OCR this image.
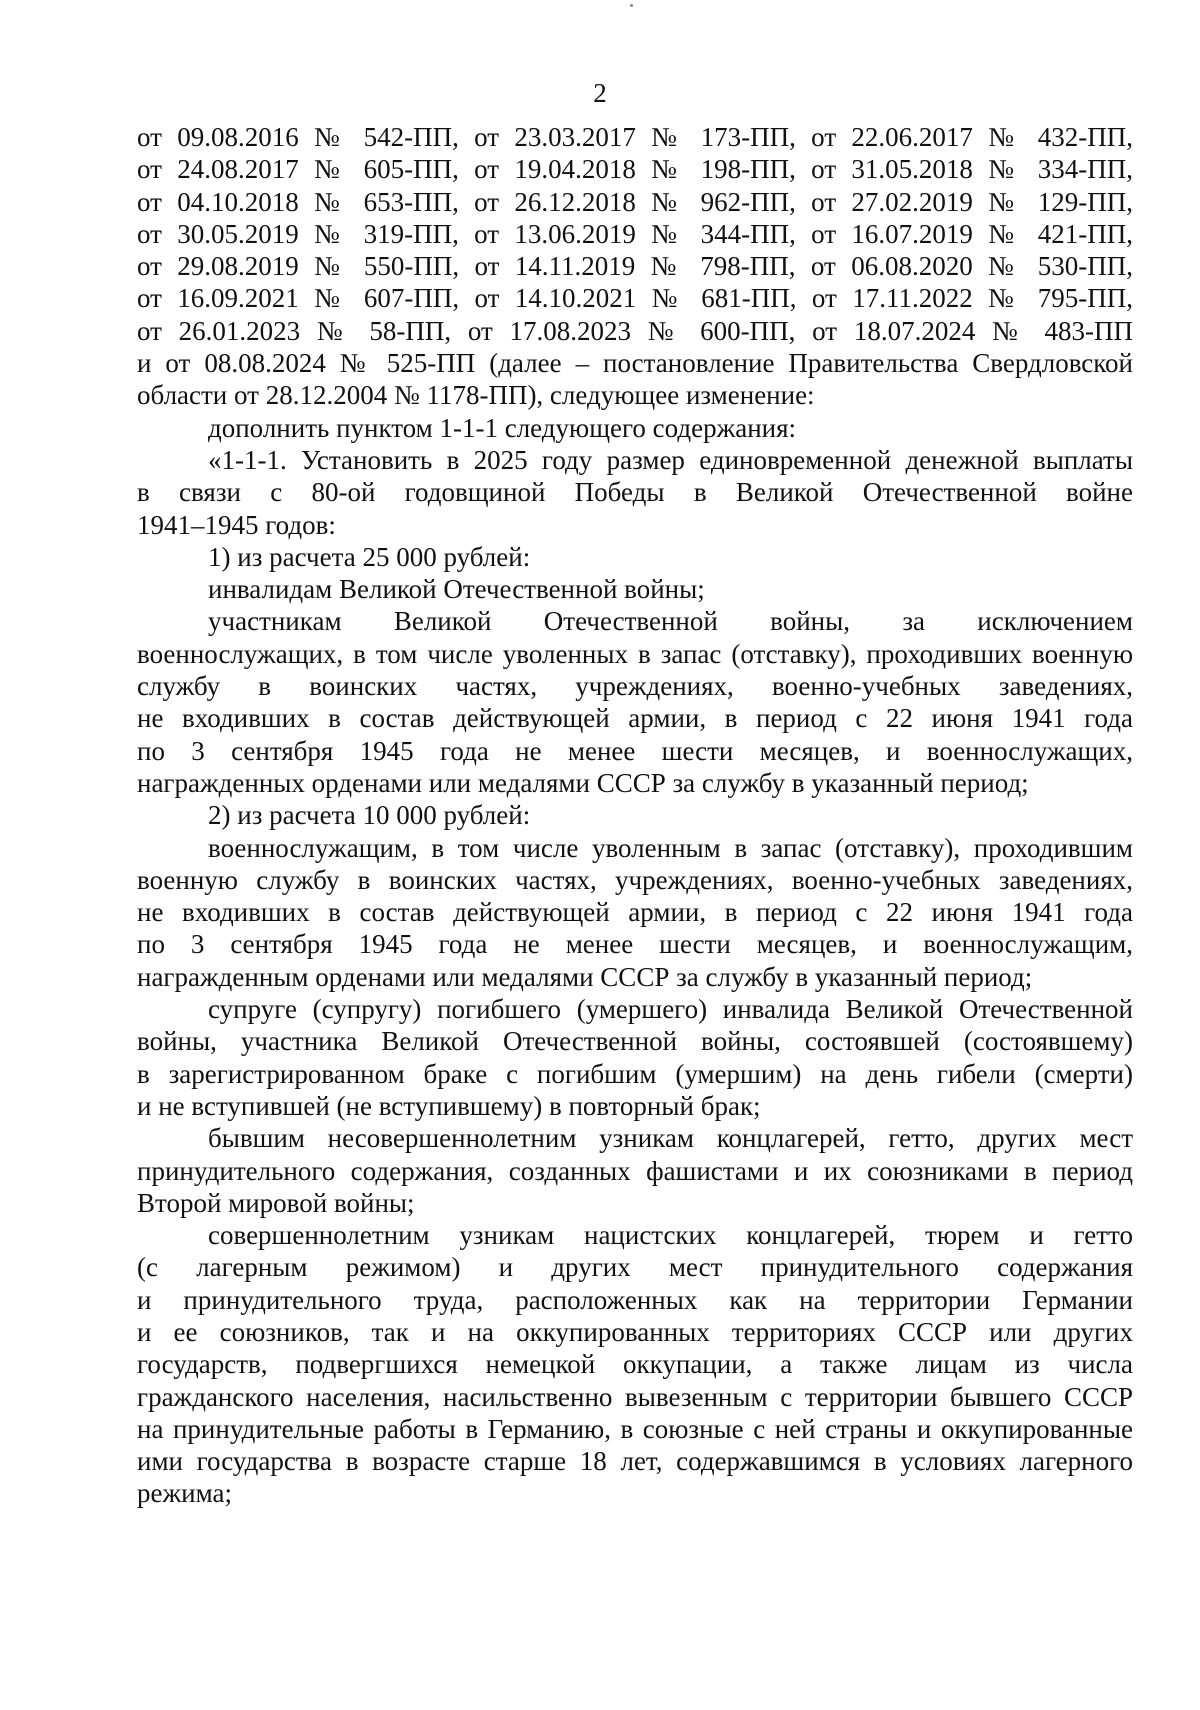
2
от 09.08.2016 № 542-ПП, от 23.03.2017 № 173-ПП, от 22.06.2017 № 432-ПП,
от 24.08.2017 № 605-ПП, от 19.04.2018 № 198-ПП, от 31.05.2018 № 334-ПП,
от 04.10.2018 № 653-ПП, от 26.12.2018 № 962-ПП, от 27.02.2019 № 129-ПП,
от 30.05.2019 № 319-ПП, от 13.06.2019 № 344-ПП, от 16.07.2019 № 421-ПП,
от 29.08.2019 № 550-ПП, от 14.11.2019 № 798-ПП, от 06.08.2020 № 530-ПП,
от 16.09.2021 № 607-ПП, от 14.10.2021 № 681-ПП, от 17.11.2022 № 795-ПП,
от 26.01.2023 № 58-ПП, от 17.08.2023 № 600-ПП, от 18.07.2024 № 483-ПП
и от 08.08.2024 № 525-ПП (далее – постановление Правительства Свердловской
области от 28.12.2004 № 1178-ПП), следующее изменение:
дополнить пунктом 1-1-1 следующего содержания:
«1-1-1. Установить в 2025 году размер единовременной денежной выплаты
в связи с 80-ой годовщиной Победы в Великой Отечественной войне
1941–1945 годов:
1) из расчета 25 000 рублей:
инвалидам Великой Отечественной войны;
участникам Великой Отечественной войны, за исключением
военнослужащих, в том числе уволенных в запас (отставку), проходивших военную
службу в воинских частях, учреждениях, военно-учебных заведениях,
не входивших в состав действующей армии, в период с 22 июня 1941 года
по 3 сентября 1945 года не менее шести месяцев, и военнослужащих,
награжденных орденами или медалями СССР за службу в указанный период;
2) из расчета 10 000 рублей:
военнослужащим, в том числе уволенным в запас (отставку), проходившим
военную службу в воинских частях, учреждениях, военно-учебных заведениях,
не входивших в состав действующей армии, в период с 22 июня 1941 года
по 3 сентября 1945 года не менее шести месяцев, и военнослужащим,
награжденным орденами или медалями СССР за службу в указанный период;
супруге (супругу) погибшего (умершего) инвалида Великой Отечественной
войны, участника Великой Отечественной войны, состоявшей (состоявшему)
в зарегистрированном браке с погибшим (умершим) на день гибели (смерти)
и не вступившей (не вступившему) в повторный брак;
бывшим несовершеннолетним узникам концлагерей, гетто, других мест
принудительного содержания, созданных фашистами и их союзниками в период
Второй мировой войны;
совершеннолетним узникам нацистских концлагерей, тюрем и гетто
(с лагерным режимом) и других мест принудительного содержания
и принудительного труда, расположенных как на территории Германии
и ее союзников, так и на оккупированных территориях СССР или других
государств, подвергшихся немецкой оккупации, а также лицам из числа
гражданского населения, насильственно вывезенным с территории бывшего СССР
на принудительные работы в Германию, в союзные с ней страны и оккупированные
ими государства в возрасте старше 18 лет, содержавшимся в условиях лагерного
режима;
